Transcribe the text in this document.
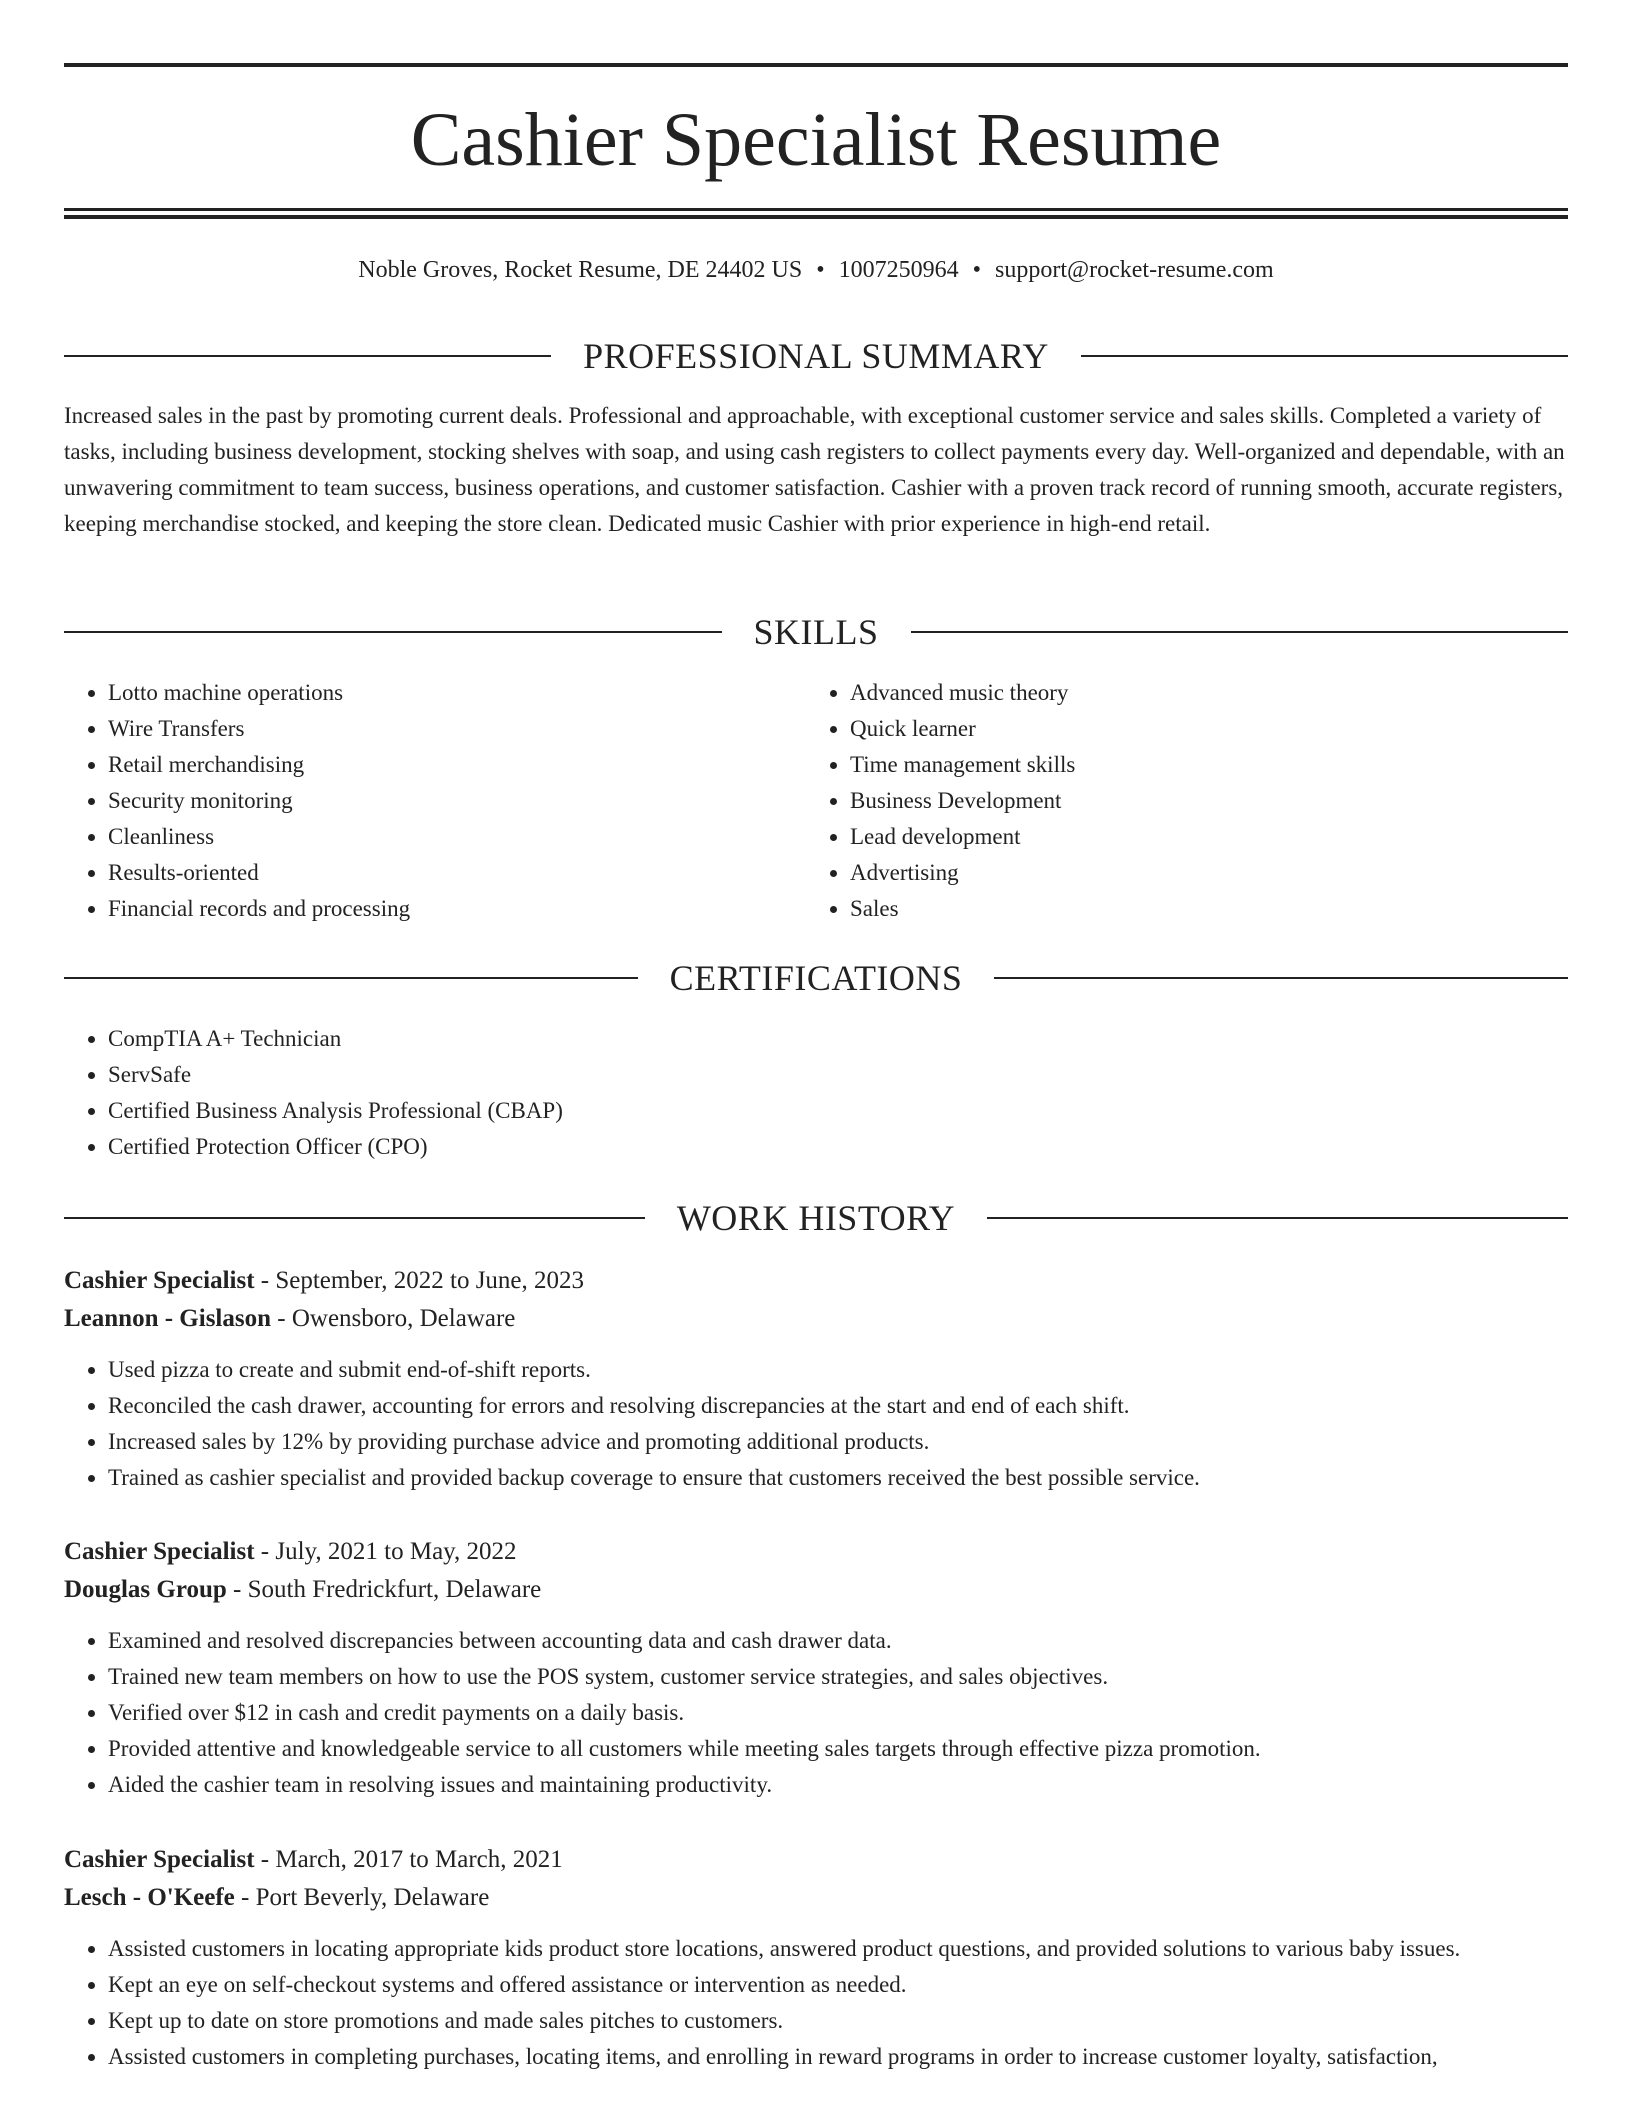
Cashier Specialist Resume
Noble Groves, Rocket Resume, DE 24402 US • 1007250964 • support@rocket-resume.com
PROFESSIONAL SUMMARY

Increased sales in the past by promoting current deals. Professional and approachable, with exceptional customer service and sales skills. Completed a variety of tasks, including business development, stocking shelves with soap, and using cash registers to collect payments every day. Well-organized and dependable, with an unwavering commitment to team success, business operations, and customer satisfaction. Cashier with a proven track record of running smooth, accurate registers, keeping merchandise stocked, and keeping the store clean. Dedicated music Cashier with prior experience in high-end retail.

SKILLS
• Lotto machine operations
• Wire Transfers
• Retail merchandising
• Security monitoring
• Cleanliness
• Results-oriented
• Financial records and processing
• Advanced music theory
• Quick learner
• Time management skills
• Business Development
• Lead development
• Advertising
• Sales
CERTIFICATIONS
• CompTIA A+ Technician
• ServSafe
• Certified Business Analysis Professional (CBAP)
• Certified Protection Officer (CPO)
WORK HISTORY
Cashier Specialist - September, 2022 to June, 2023
Leannon - Gislason - Owensboro, Delaware
• Used pizza to create and submit end-of-shift reports.
• Reconciled the cash drawer, accounting for errors and resolving discrepancies at the start and end of each shift.
• Increased sales by 12% by providing purchase advice and promoting additional products.
• Trained as cashier specialist and provided backup coverage to ensure that customers received the best possible service.
Cashier Specialist - July, 2021 to May, 2022
Douglas Group - South Fredrickfurt, Delaware
• Examined and resolved discrepancies between accounting data and cash drawer data.
• Trained new team members on how to use the POS system, customer service strategies, and sales objectives.
• Verified over $12 in cash and credit payments on a daily basis.
• Provided attentive and knowledgeable service to all customers while meeting sales targets through effective pizza promotion.
• Aided the cashier team in resolving issues and maintaining productivity.
Cashier Specialist - March, 2017 to March, 2021
Lesch - O'Keefe - Port Beverly, Delaware
• Assisted customers in locating appropriate kids product store locations, answered product questions, and provided solutions to various baby issues.
• Kept an eye on self-checkout systems and offered assistance or intervention as needed.
• Kept up to date on store promotions and made sales pitches to customers.
• Assisted customers in completing purchases, locating items, and enrolling in reward programs in order to increase customer loyalty, satisfaction,
